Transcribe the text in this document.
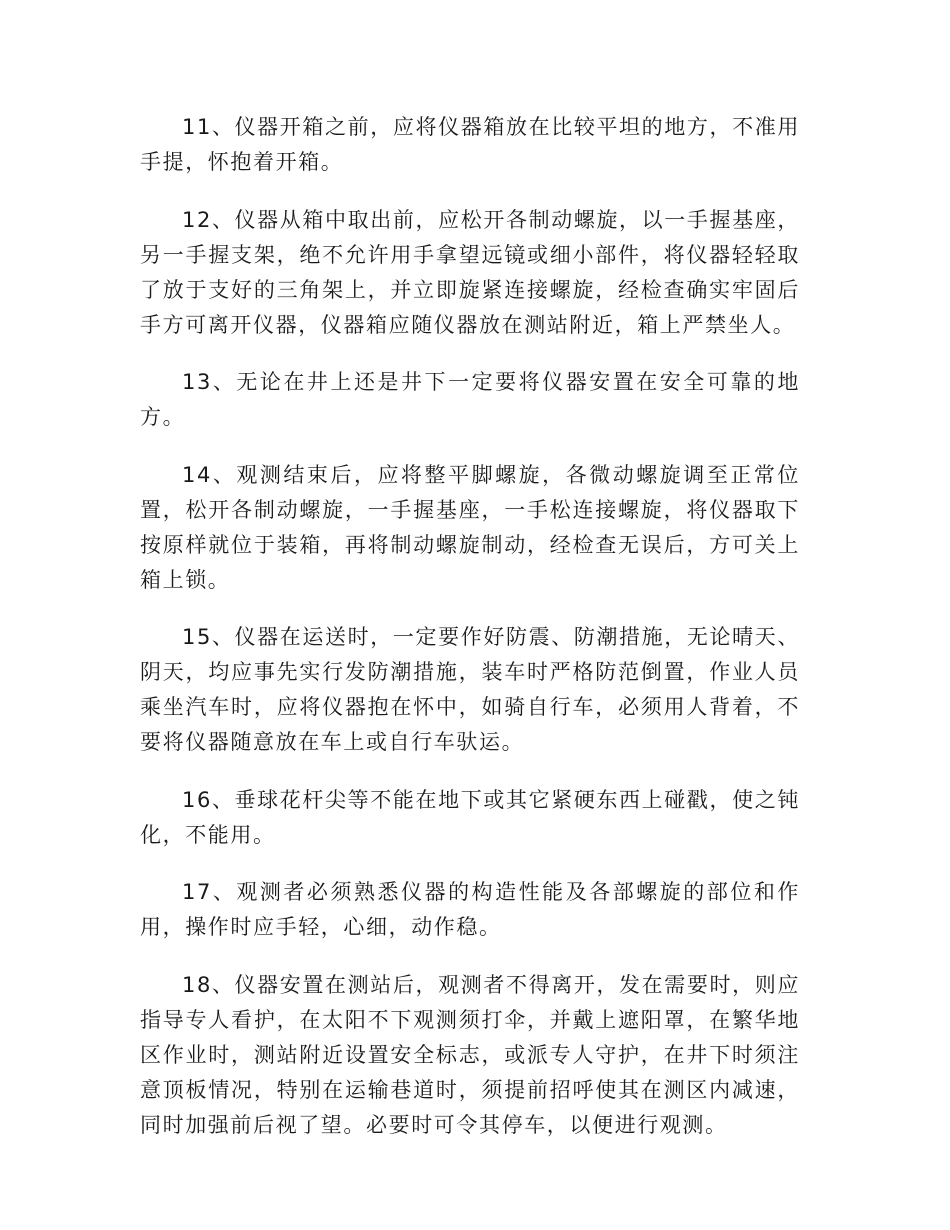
11、仪器开箱之前，应将仪器箱放在比较平坦的地方，不准用手提，怀抱着开箱。

12、仪器从箱中取出前，应松开各制动螺旋，以一手握基座，另一手握支架，绝不允许用手拿望远镜或细小部件，将仪器轻轻取了放于支好的三角架上，并立即旋紧连接螺旋，经检查确实牢固后手方可离开仪器，仪器箱应随仪器放在测站附近，箱上严禁坐人。

13、无论在井上还是井下一定要将仪器安置在安全可靠的地方。

14、观测结束后，应将整平脚螺旋，各微动螺旋调至正常位置，松开各制动螺旋，一手握基座，一手松连接螺旋，将仪器取下按原样就位于装箱，再将制动螺旋制动，经检查无误后，方可关上箱上锁。

15、仪器在运送时，一定要作好防震、防潮措施，无论晴天、阴天，均应事先实行发防潮措施，装车时严格防范倒置，作业人员乘坐汽车时，应将仪器抱在怀中，如骑自行车，必须用人背着，不要将仪器随意放在车上或自行车驮运。

16、垂球花杆尖等不能在地下或其它紧硬东西上碰戳，使之钝化，不能用。

17、观测者必须熟悉仪器的构造性能及各部螺旋的部位和作用，操作时应手轻，心细，动作稳。

18、仪器安置在测站后，观测者不得离开，发在需要时，则应指导专人看护，在太阳不下观测须打伞，并戴上遮阳罩，在繁华地区作业时，测站附近设置安全标志，或派专人守护，在井下时须注意顶板情况，特别在运输巷道时，须提前招呼使其在测区内减速，同时加强前后视了望。必要时可令其停车，以便进行观测。
